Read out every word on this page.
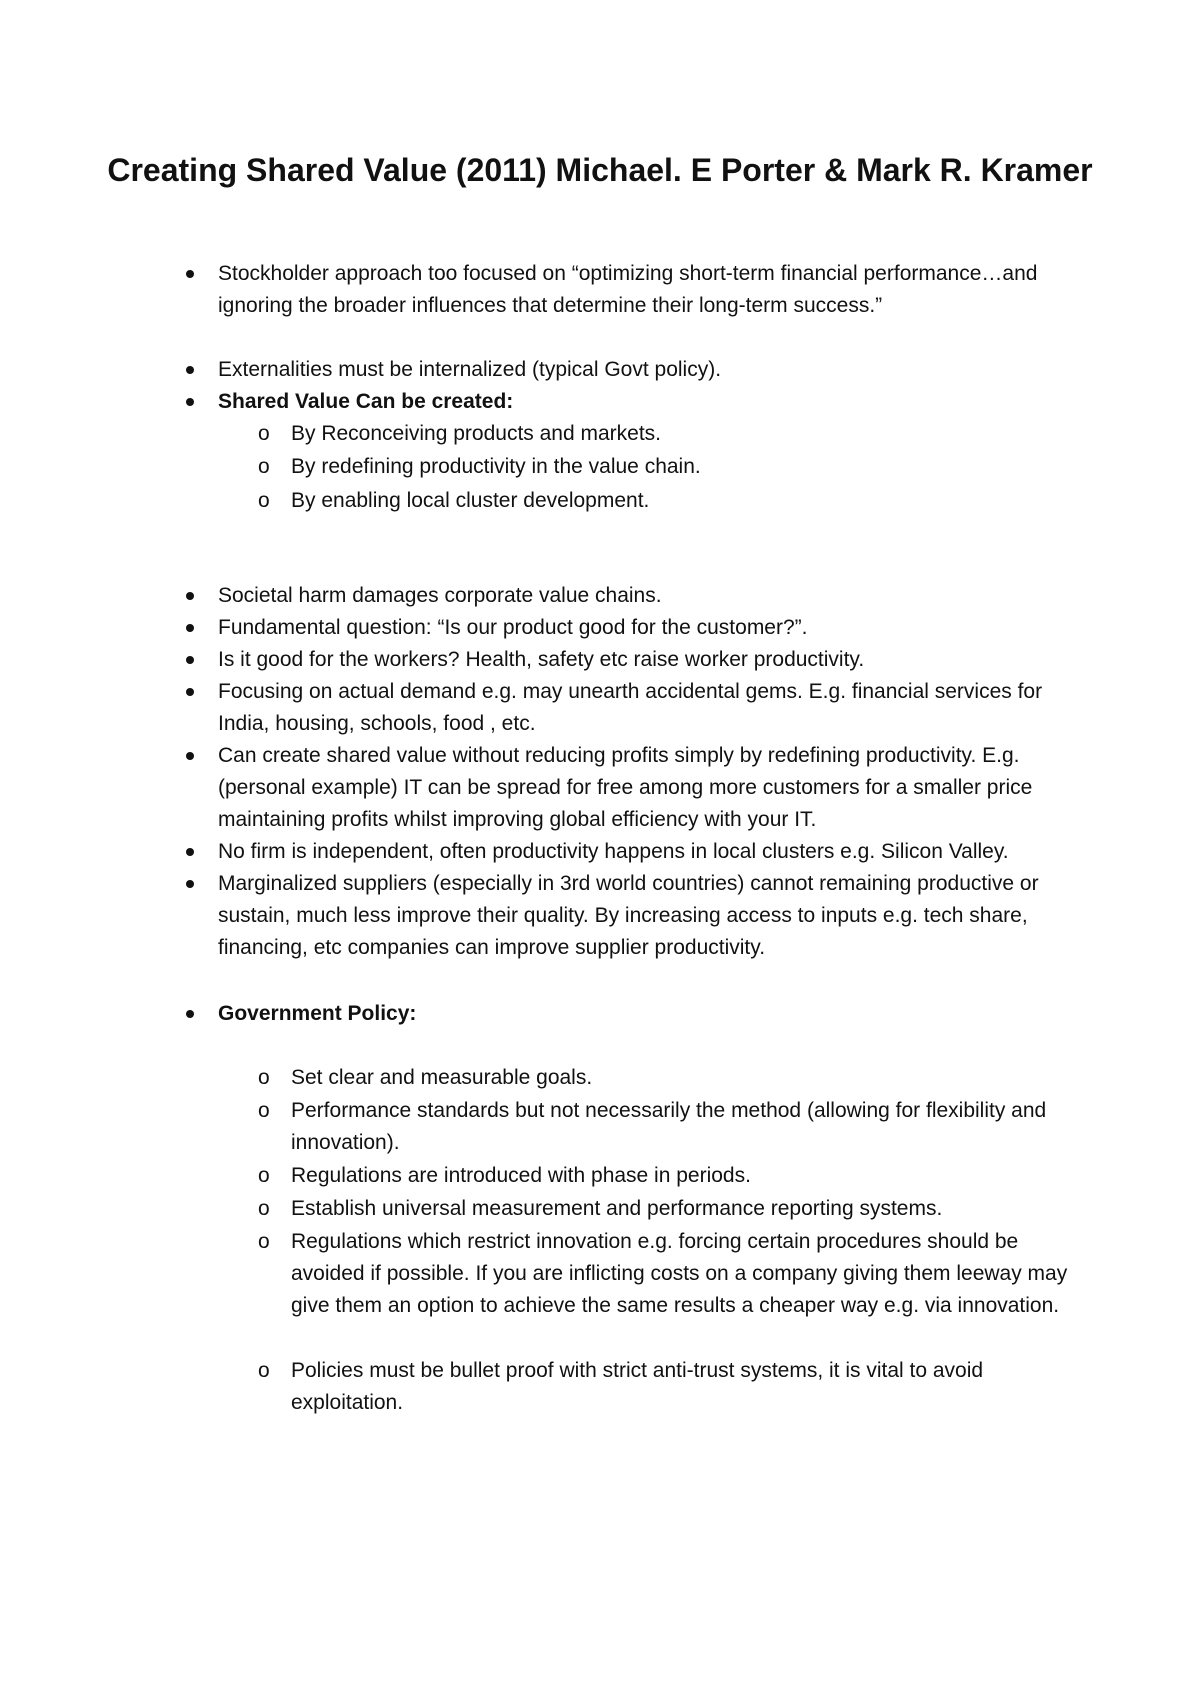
Creating Shared Value (2011) Michael. E Porter & Mark R. Kramer

Stockholder approach too focused on “optimizing short-term financial performance…and ignoring the broader influences that determine their long-term success.”

Externalities must be internalized (typical Govt policy).

Shared Value Can be created:

o By Reconceiving products and markets.

o By redefining productivity in the value chain.

o By enabling local cluster development.

Societal harm damages corporate value chains.

Fundamental question: “Is our product good for the customer?”.

Is it good for the workers? Health, safety etc raise worker productivity.

Focusing on actual demand e.g. may unearth accidental gems. E.g. financial services for India, housing, schools, food , etc.

Can create shared value without reducing profits simply by redefining productivity. E.g. (personal example) IT can be spread for free among more customers for a smaller price maintaining profits whilst improving global efficiency with your IT.

No firm is independent, often productivity happens in local clusters e.g. Silicon Valley.

Marginalized suppliers (especially in 3rd world countries) cannot remaining productive or sustain, much less improve their quality. By increasing access to inputs e.g. tech share, financing, etc companies can improve supplier productivity.

Government Policy:

o Set clear and measurable goals.

o Performance standards but not necessarily the method (allowing for flexibility and innovation).

o Regulations are introduced with phase in periods.

o Establish universal measurement and performance reporting systems.

o Regulations which restrict innovation e.g. forcing certain procedures should be avoided if possible. If you are inflicting costs on a company giving them leeway may give them an option to achieve the same results a cheaper way e.g. via innovation.

o Policies must be bullet proof with strict anti-trust systems, it is vital to avoid exploitation.
